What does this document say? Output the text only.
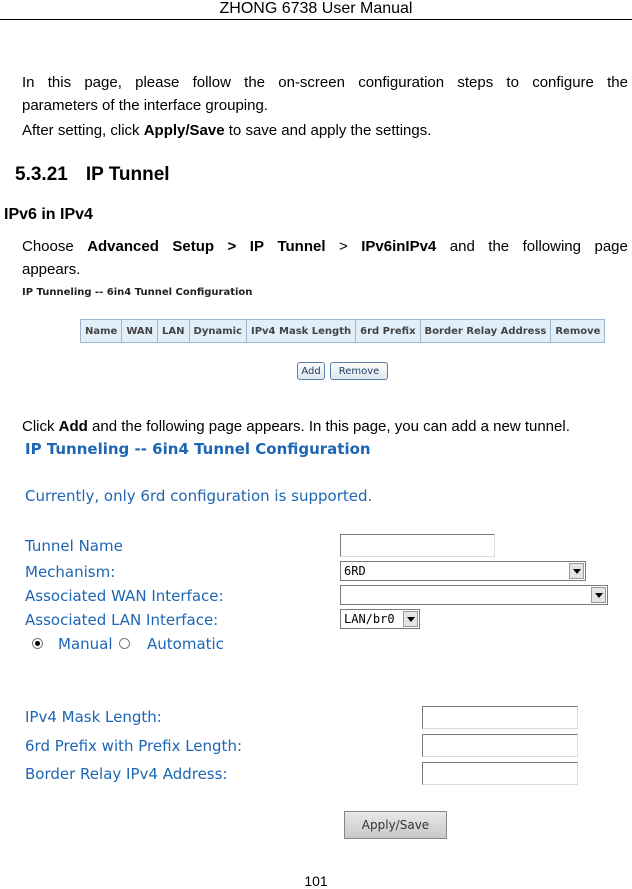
ZHONG 6738 User Manual
In this page, please follow the on-screen configuration steps to configure the
parameters of the interface grouping.
After setting, click Apply/Save to save and apply the settings.
5.3.21 IP Tunnel
IPv6 in IPv4
Choose Advanced Setup > IP Tunnel > IPv6inIPv4 and the following page
appears.
IP Tunneling -- 6in4 Tunnel Configuration
Name	WAN	LAN	Dynamic	IPv4 Mask Length	6rd Prefix	Border Relay Address	Remove
Add	Remove
Click Add and the following page appears. In this page, you can add a new tunnel.
IP Tunneling -- 6in4 Tunnel Configuration
Currently, only 6rd configuration is supported.
Tunnel Name
Mechanism:	6RD
Associated WAN Interface:
Associated LAN Interface:	LAN/br0
Manual Automatic
IPv4 Mask Length:
6rd Prefix with Prefix Length:
Border Relay IPv4 Address:
Apply/Save
101
